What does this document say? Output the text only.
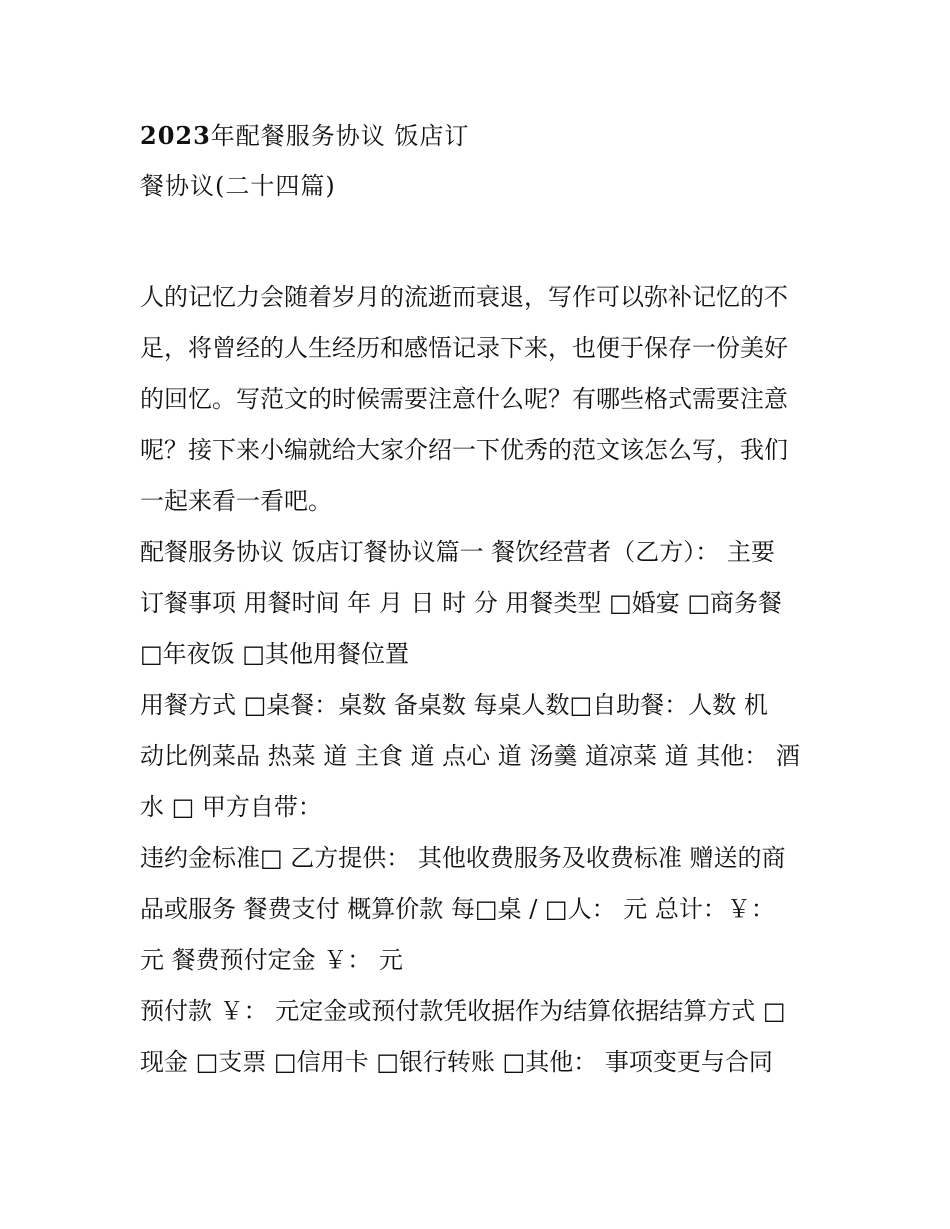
2023年配餐服务协议 饭店订
餐协议(二十四篇)
人的记忆力会随着岁月的流逝而衰退，写作可以弥补记忆的不
足，将曾经的人生经历和感悟记录下来，也便于保存一份美好
的回忆。写范文的时候需要注意什么呢？有哪些格式需要注意
呢？接下来小编就给大家介绍一下优秀的范文该怎么写，我们
一起来看一看吧。
配餐服务协议 饭店订餐协议篇一 餐饮经营者（乙方）： 主要
订餐事项 用餐时间 年 月 日 时 分 用餐类型 □婚宴 □商务餐
□年夜饭 □其他用餐位置
用餐方式 □桌餐：桌数 备桌数 每桌人数□自助餐：人数 机
动比例菜品 热菜 道 主食 道 点心 道 汤羹 道凉菜 道 其他： 酒
水 □ 甲方自带：
违约金标准□ 乙方提供： 其他收费服务及收费标准 赠送的商
品或服务 餐费支付 概算价款 每□桌 / □人： 元 总计：￥：
元 餐费预付定金 ￥： 元
预付款 ￥： 元定金或预付款凭收据作为结算依据结算方式 □
现金 □支票 □信用卡 □银行转账 □其他： 事项变更与合同
